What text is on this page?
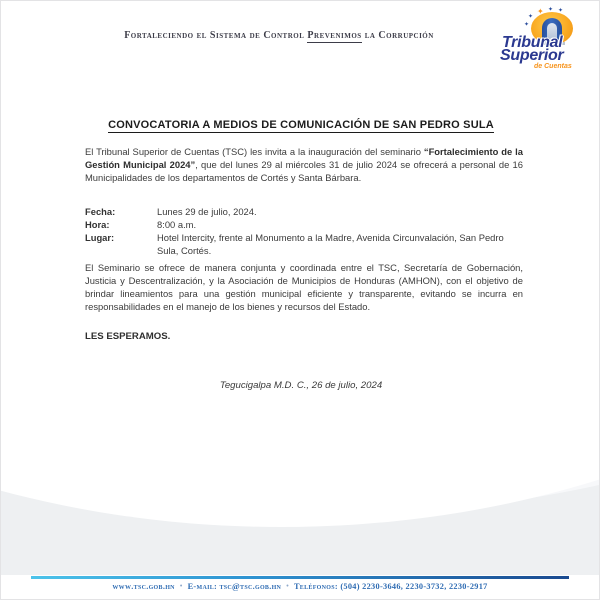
Fortaleciendo el Sistema de Control Prevenimos la Corrupción
✦
✦
✦ ✦ ✦
Tribunal
Superior
de Cuentas
CONVOCATORIA A MEDIOS DE COMUNICACIÓN DE SAN PEDRO SULA
El Tribunal Superior de Cuentas (TSC) les invita a la inauguración del seminario “Fortalecimiento de la Gestión Municipal 2024”, que del lunes 29 al miércoles 31 de julio 2024 se ofrecerá a personal de 16 Municipalidades de los departamentos de Cortés y Santa Bárbara.
Fecha:	Lunes 29 de julio, 2024.
Hora:	8:00 a.m.
Lugar:	Hotel Intercity, frente al Monumento a la Madre, Avenida Circunvalación, San Pedro Sula, Cortés.
El Seminario se ofrece de manera conjunta y coordinada entre el TSC, Secretaría de Gobernación, Justicia y Descentralización, y la Asociación de Municipios de Honduras (AMHON), con el objetivo de brindar lineamientos para una gestión municipal eficiente y transparente, evitando se incurra en responsabilidades en el manejo de los bienes y recursos del Estado.
LES ESPERAMOS.
Tegucigalpa M.D. C., 26 de julio, 2024
www.tsc.gob.hn • E-mail: tsc@tsc.gob.hn • Teléfonos: (504) 2230-3646, 2230-3732, 2230-2917
